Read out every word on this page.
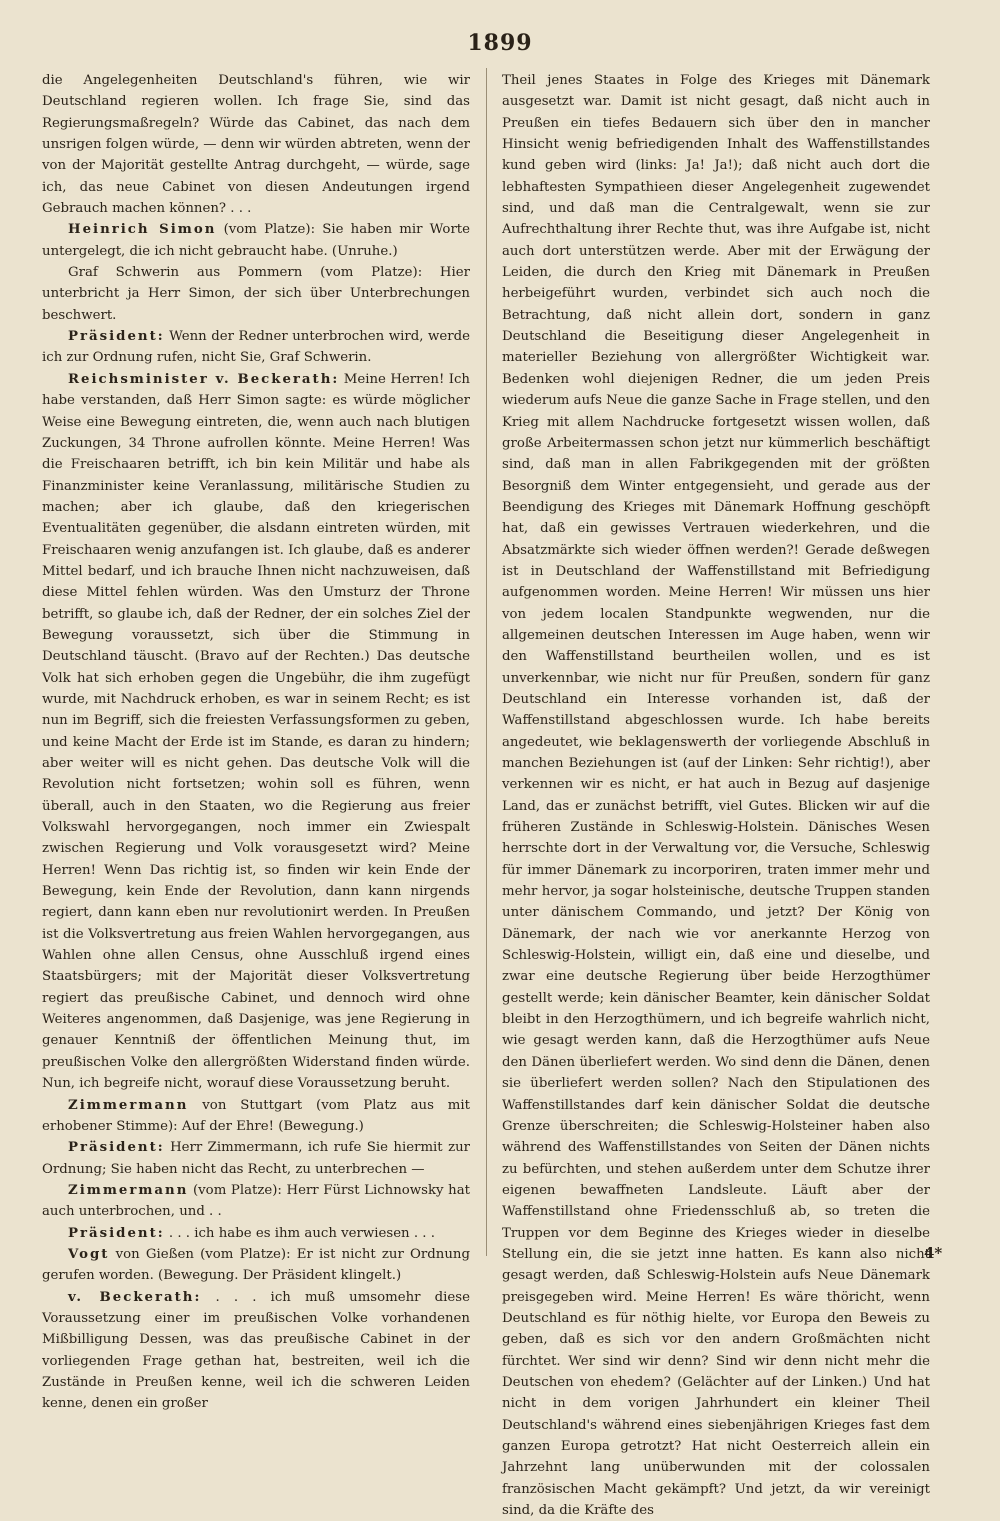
1899

die Angelegenheiten Deutschland's führen, wie wir Deutschland regieren wollen. Ich frage Sie, sind das Regierungsmaßregeln? Würde das Cabinet, das nach dem unsrigen folgen würde, — denn wir würden abtreten, wenn der von der Majorität gestellte Antrag durchgeht, — würde, sage ich, das neue Cabinet von diesen Andeutungen irgend Gebrauch machen können? . . .

Heinrich Simon (vom Platze): Sie haben mir Worte untergelegt, die ich nicht gebraucht habe. (Unruhe.)

Graf Schwerin aus Pommern (vom Platze): Hier unterbricht ja Herr Simon, der sich über Unterbrechungen beschwert.

Präsident: Wenn der Redner unterbrochen wird, werde ich zur Ordnung rufen, nicht Sie, Graf Schwerin.

Reichsminister v. Beckerath: Meine Herren! Ich habe verstanden, daß Herr Simon sagte: es würde möglicher Weise eine Bewegung eintreten, die, wenn auch nach blutigen Zuckungen, 34 Throne aufrollen könnte. Meine Herren! Was die Freischaaren betrifft, ich bin kein Militär und habe als Finanzminister keine Veranlassung, militärische Studien zu machen; aber ich glaube, daß den kriegerischen Eventualitäten gegenüber, die alsdann eintreten würden, mit Freischaaren wenig anzufangen ist. Ich glaube, daß es anderer Mittel bedarf, und ich brauche Ihnen nicht nachzuweisen, daß diese Mittel fehlen würden. Was den Umsturz der Throne betrifft, so glaube ich, daß der Redner, der ein solches Ziel der Bewegung voraussetzt, sich über die Stimmung in Deutschland täuscht. (Bravo auf der Rechten.) Das deutsche Volk hat sich erhoben gegen die Ungebühr, die ihm zugefügt wurde, mit Nachdruck erhoben, es war in seinem Recht; es ist nun im Begriff, sich die freiesten Verfassungsformen zu geben, und keine Macht der Erde ist im Stande, es daran zu hindern; aber weiter will es nicht gehen. Das deutsche Volk will die Revolution nicht fortsetzen; wohin soll es führen, wenn überall, auch in den Staaten, wo die Regierung aus freier Volkswahl hervorgegangen, noch immer ein Zwiespalt zwischen Regierung und Volk vorausgesetzt wird? Meine Herren! Wenn Das richtig ist, so finden wir kein Ende der Bewegung, kein Ende der Revolution, dann kann nirgends regiert, dann kann eben nur revolutionirt werden. In Preußen ist die Volksvertretung aus freien Wahlen hervorgegangen, aus Wahlen ohne allen Census, ohne Ausschluß irgend eines Staatsbürgers; mit der Majorität dieser Volksvertretung regiert das preußische Cabinet, und dennoch wird ohne Weiteres angenommen, daß Dasjenige, was jene Regierung in genauer Kenntniß der öffentlichen Meinung thut, im preußischen Volke den allergrößten Widerstand finden würde. Nun, ich begreife nicht, worauf diese Voraussetzung beruht.

Zimmermann von Stuttgart (vom Platz aus mit erhobener Stimme): Auf der Ehre! (Bewegung.)

Präsident: Herr Zimmermann, ich rufe Sie hiermit zur Ordnung; Sie haben nicht das Recht, zu unterbrechen —

Zimmermann (vom Platze): Herr Fürst Lichnowsky hat auch unterbrochen, und . .

Präsident: . . . ich habe es ihm auch verwiesen . . .

Vogt von Gießen (vom Platze): Er ist nicht zur Ordnung gerufen worden. (Bewegung. Der Präsident klingelt.)

v. Beckerath: . . . ich muß umsomehr diese Voraussetzung einer im preußischen Volke vorhandenen Mißbilligung Dessen, was das preußische Cabinet in der vorliegenden Frage gethan hat, bestreiten, weil ich die Zustände in Preußen kenne, weil ich die schweren Leiden kenne, denen ein großer

Theil jenes Staates in Folge des Krieges mit Dänemark ausgesetzt war. Damit ist nicht gesagt, daß nicht auch in Preußen ein tiefes Bedauern sich über den in mancher Hinsicht wenig befriedigenden Inhalt des Waffenstillstandes kund geben wird (links: Ja! Ja!); daß nicht auch dort die lebhaftesten Sympathieen dieser Angelegenheit zugewendet sind, und daß man die Centralgewalt, wenn sie zur Aufrechthaltung ihrer Rechte thut, was ihre Aufgabe ist, nicht auch dort unterstützen werde. Aber mit der Erwägung der Leiden, die durch den Krieg mit Dänemark in Preußen herbeigeführt wurden, verbindet sich auch noch die Betrachtung, daß nicht allein dort, sondern in ganz Deutschland die Beseitigung dieser Angelegenheit in materieller Beziehung von allergrößter Wichtigkeit war. Bedenken wohl diejenigen Redner, die um jeden Preis wiederum aufs Neue die ganze Sache in Frage stellen, und den Krieg mit allem Nachdrucke fortgesetzt wissen wollen, daß große Arbeitermassen schon jetzt nur kümmerlich beschäftigt sind, daß man in allen Fabrikgegenden mit der größten Besorgniß dem Winter entgegensieht, und gerade aus der Beendigung des Krieges mit Dänemark Hoffnung geschöpft hat, daß ein gewisses Vertrauen wiederkehren, und die Absatzmärkte sich wieder öffnen werden?! Gerade deßwegen ist in Deutschland der Waffenstillstand mit Befriedigung aufgenommen worden. Meine Herren! Wir müssen uns hier von jedem localen Standpunkte wegwenden, nur die allgemeinen deutschen Interessen im Auge haben, wenn wir den Waffenstillstand beurtheilen wollen, und es ist unverkennbar, wie nicht nur für Preußen, sondern für ganz Deutschland ein Interesse vorhanden ist, daß der Waffenstillstand abgeschlossen wurde. Ich habe bereits angedeutet, wie beklagenswerth der vorliegende Abschluß in manchen Beziehungen ist (auf der Linken: Sehr richtig!), aber verkennen wir es nicht, er hat auch in Bezug auf dasjenige Land, das er zunächst betrifft, viel Gutes. Blicken wir auf die früheren Zustände in Schleswig-Holstein. Dänisches Wesen herrschte dort in der Verwaltung vor, die Versuche, Schleswig für immer Dänemark zu incorporiren, traten immer mehr und mehr hervor, ja sogar holsteinische, deutsche Truppen standen unter dänischem Commando, und jetzt? Der König von Dänemark, der nach wie vor anerkannte Herzog von Schleswig-Holstein, willigt ein, daß eine und dieselbe, und zwar eine deutsche Regierung über beide Herzogthümer gestellt werde; kein dänischer Beamter, kein dänischer Soldat bleibt in den Herzogthümern, und ich begreife wahrlich nicht, wie gesagt werden kann, daß die Herzogthümer aufs Neue den Dänen überliefert werden. Wo sind denn die Dänen, denen sie überliefert werden sollen? Nach den Stipulationen des Waffenstillstandes darf kein dänischer Soldat die deutsche Grenze überschreiten; die Schleswig-Holsteiner haben also während des Waffenstillstandes von Seiten der Dänen nichts zu befürchten, und stehen außerdem unter dem Schutze ihrer eigenen bewaffneten Landsleute. Läuft aber der Waffenstillstand ohne Friedensschluß ab, so treten die Truppen vor dem Beginne des Krieges wieder in dieselbe Stellung ein, die sie jetzt inne hatten. Es kann also nicht gesagt werden, daß Schleswig-Holstein aufs Neue Dänemark preisgegeben wird. Meine Herren! Es wäre thöricht, wenn Deutschland es für nöthig hielte, vor Europa den Beweis zu geben, daß es sich vor den andern Großmächten nicht fürchtet. Wer sind wir denn? Sind wir denn nicht mehr die Deutschen von ehedem? (Gelächter auf der Linken.) Und hat nicht in dem vorigen Jahrhundert ein kleiner Theil Deutschland's während eines siebenjährigen Krieges fast dem ganzen Europa getrotzt? Hat nicht Oesterreich allein ein Jahrzehnt lang unüberwunden mit der colossalen französischen Macht gekämpft? Und jetzt, da wir vereinigt sind, da die Kräfte des

4*
